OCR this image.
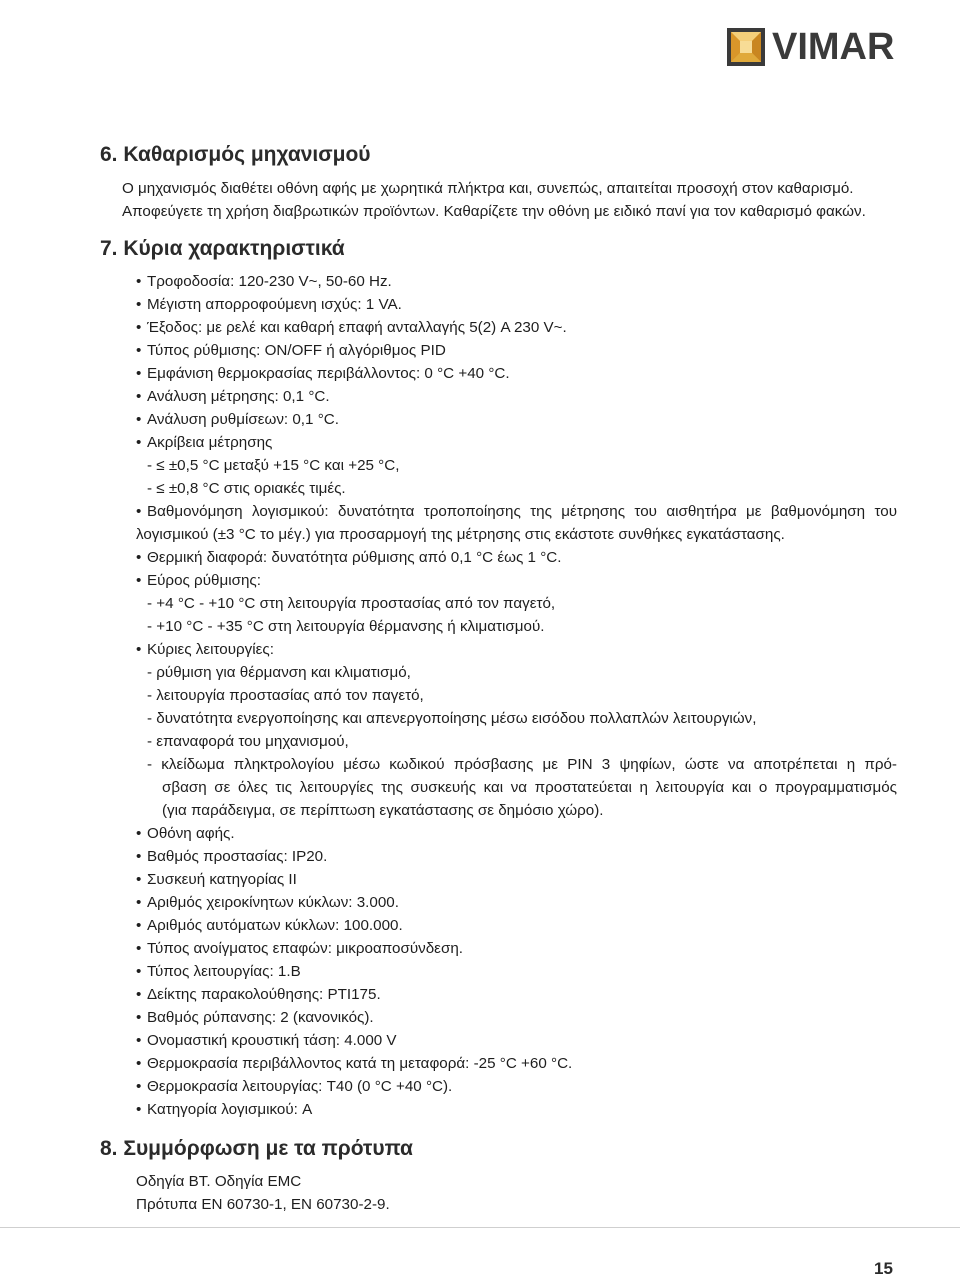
VIMAR
6. Καθαρισμός μηχανισμού

Ο μηχανισμός διαθέτει οθόνη αφής με χωρητικά πλήκτρα και, συνεπώς, απαιτείται προσοχή στον καθαρισμό.

Αποφεύγετε τη χρήση διαβρωτικών προϊόντων. Καθαρίζετε την οθόνη με ειδικό πανί για τον καθαρισμό φακών.

7. Κύρια χαρακτηριστικά

• Τροφοδοσία: 120-230 V~, 50-60 Hz.

• Μέγιστη απορροφούμενη ισχύς: 1 VA.

• Έξοδος: με ρελέ και καθαρή επαφή ανταλλαγής 5(2) A 230 V~.

• Τύπος ρύθμισης: ON/OFF ή αλγόριθμος PID

• Εμφάνιση θερμοκρασίας περιβάλλοντος: 0 °C +40 °C.

• Ανάλυση μέτρησης: 0,1 °C.

• Ανάλυση ρυθμίσεων: 0,1 °C.

• Ακρίβεια μέτρησης

- ≤ ±0,5 °C μεταξύ +15 °C και +25 °C,

- ≤ ±0,8 °C στις οριακές τιμές.

• Βαθμονόμηση λογισμικού: δυνατότητα τροποποίησης της μέτρησης του αισθητήρα με βαθμονόμηση του

λογισμικού (±3 °C το μέγ.) για προσαρμογή της μέτρησης στις εκάστοτε συνθήκες εγκατάστασης.

• Θερμική διαφορά: δυνατότητα ρύθμισης από 0,1 °C έως 1 °C.

• Εύρος ρύθμισης:

- +4 °C - +10 °C στη λειτουργία προστασίας από τον παγετό,

- +10 °C - +35 °C στη λειτουργία θέρμανσης ή κλιματισμού.

• Κύριες λειτουργίες:

- ρύθμιση για θέρμανση και κλιματισμό,

- λειτουργία προστασίας από τον παγετό,

- δυνατότητα ενεργοποίησης και απενεργοποίησης μέσω εισόδου πολλαπλών λειτουργιών,

- επαναφορά του μηχανισμού,

- κλείδωμα πληκτρολογίου μέσω κωδικού πρόσβασης με PIN 3 ψηφίων, ώστε να αποτρέπεται η πρό-

σβαση σε όλες τις λειτουργίες της συσκευής και να προστατεύεται η λειτουργία και ο προγραμματισμός

(για παράδειγμα, σε περίπτωση εγκατάστασης σε δημόσιο χώρο).

• Οθόνη αφής.

• Βαθμός προστασίας: IP20.

• Συσκευή κατηγορίας ΙΙ

• Αριθμός χειροκίνητων κύκλων: 3.000.

• Αριθμός αυτόματων κύκλων: 100.000.

• Τύπος ανοίγματος επαφών: μικροαποσύνδεση.

• Τύπος λειτουργίας: 1.B

• Δείκτης παρακολούθησης: PTI175.

• Βαθμός ρύπανσης: 2 (κανονικός).

• Ονομαστική κρουστική τάση: 4.000 V

• Θερμοκρασία περιβάλλοντος κατά τη μεταφορά: -25 °C +60 °C.

• Θερμοκρασία λειτουργίας: T40 (0 °C +40 °C).

• Κατηγορία λογισμικού: A

8. Συμμόρφωση με τα πρότυπα

Οδηγία BT. Οδηγία EMC

Πρότυπα EN 60730-1, EN 60730-2-9.

15
